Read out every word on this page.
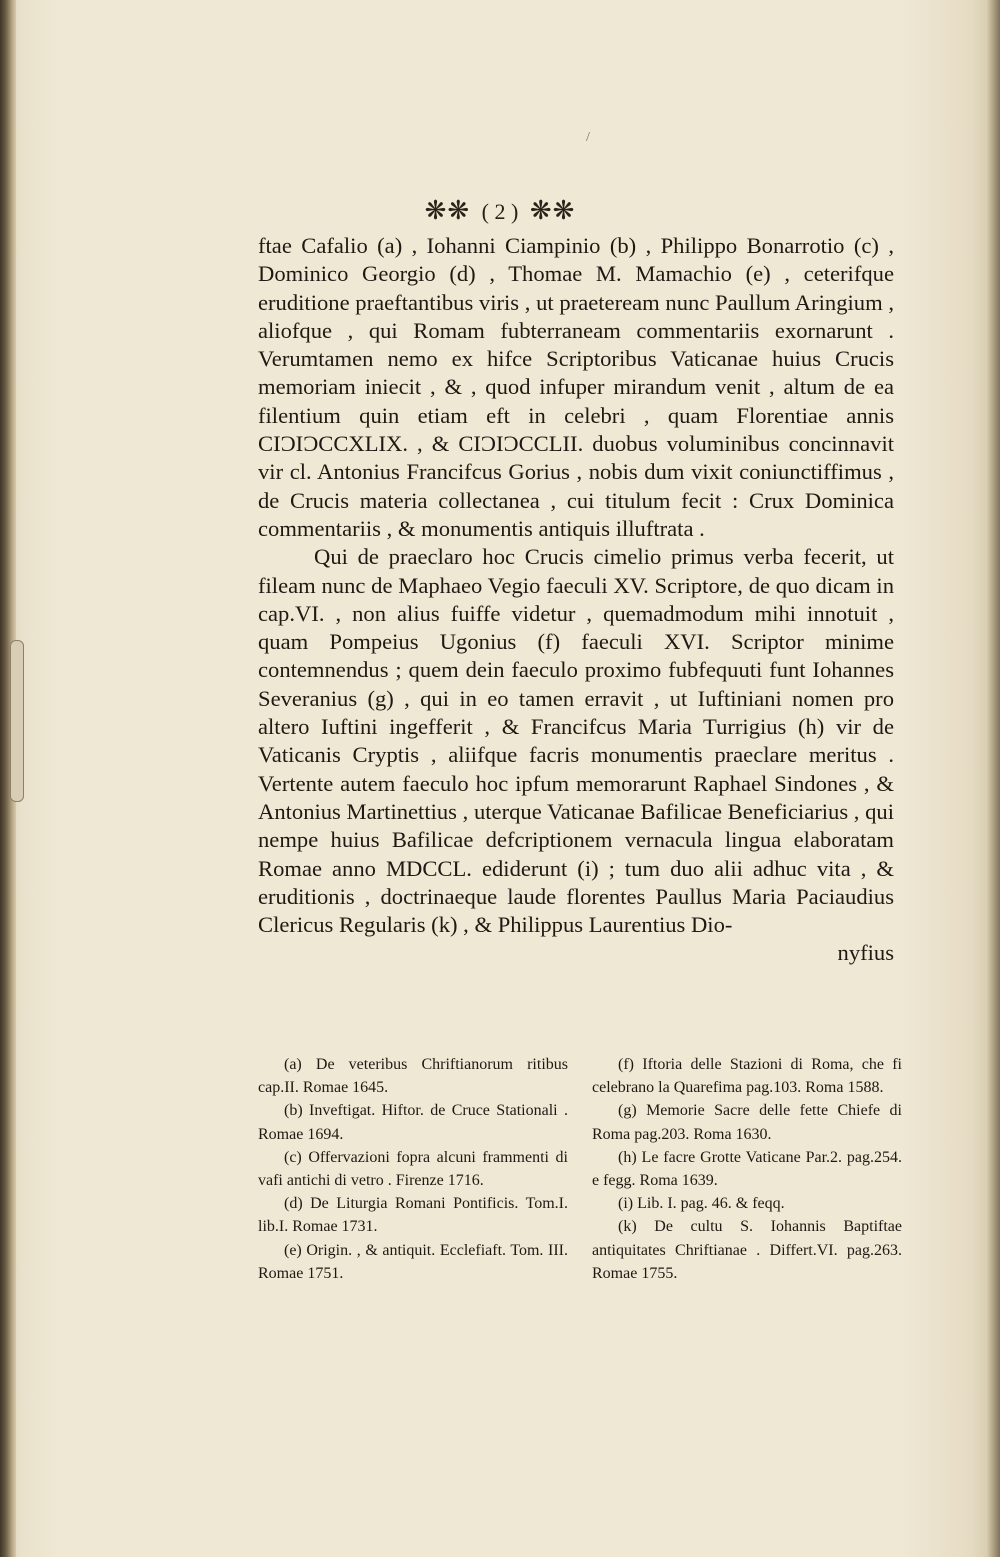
/
❋❋ ( 2 ) ❋❋

ftae Cafalio (a) , Iohanni Ciampinio (b) , Philippo Bonarrotio (c) , Dominico Georgio (d) , Thomae M. Mamachio (e) , ceterifque eruditione praeftantibus viris , ut praeteream nunc Paullum Aringium , aliofque , qui Romam fubterraneam commentariis exornarunt . Verumtamen nemo ex hifce Scriptoribus Vaticanae huius Crucis memoriam iniecit , & , quod infuper mirandum venit , altum de ea filentium quin etiam eft in celebri , quam Florentiae annis CIƆIƆCCXLIX. , & CIƆIƆCCLII. duobus voluminibus concinnavit vir cl. Antonius Francifcus Gorius , nobis dum vixit coniunctiffimus , de Crucis materia collectanea , cui titulum fecit : Crux Dominica commentariis , & monumentis antiquis illuftrata .

Qui de praeclaro hoc Crucis cimelio primus verba fecerit, ut fileam nunc de Maphaeo Vegio faeculi XV. Scriptore, de quo dicam in cap.VI. , non alius fuiffe videtur , quemadmodum mihi innotuit , quam Pompeius Ugonius (f) faeculi XVI. Scriptor minime contemnendus ; quem dein faeculo proximo fubfequuti funt Iohannes Severanius (g) , qui in eo tamen erravit , ut Iuftiniani nomen pro altero Iuftini ingefferit , & Francifcus Maria Turrigius (h) vir de Vaticanis Cryptis , aliifque facris monumentis praeclare meritus . Vertente autem faeculo hoc ipfum memorarunt Raphael Sindones , & Antonius Martinettius , uterque Vaticanae Bafilicae Beneficiarius , qui nempe huius Bafilicae defcriptionem vernacula lingua elaboratam Romae anno MDCCL. ediderunt (i) ; tum duo alii adhuc vita , & eruditionis , doctrinaeque laude florentes Paullus Maria Paciaudius Clericus Regularis (k) , & Philippus Laurentius Dio-

nyfius

(a) De veteribus Chriftianorum ritibus cap.II. Romae 1645.

(b) Inveftigat. Hiftor. de Cruce Stationali . Romae 1694.

(c) Offervazioni fopra alcuni frammenti di vafi antichi di vetro . Firenze 1716.

(d) De Liturgia Romani Pontificis. Tom.I. lib.I. Romae 1731.

(e) Origin. , & antiquit. Ecclefiaft. Tom. III. Romae 1751.

(f) Iftoria delle Stazioni di Roma, che fi celebrano la Quarefima pag.103. Roma 1588.

(g) Memorie Sacre delle fette Chiefe di Roma pag.203. Roma 1630.

(h) Le facre Grotte Vaticane Par.2. pag.254. e fegg. Roma 1639.

(i) Lib. I. pag. 46. & feqq.

(k) De cultu S. Iohannis Baptiftae antiquitates Chriftianae . Differt.VI. pag.263. Romae 1755.
